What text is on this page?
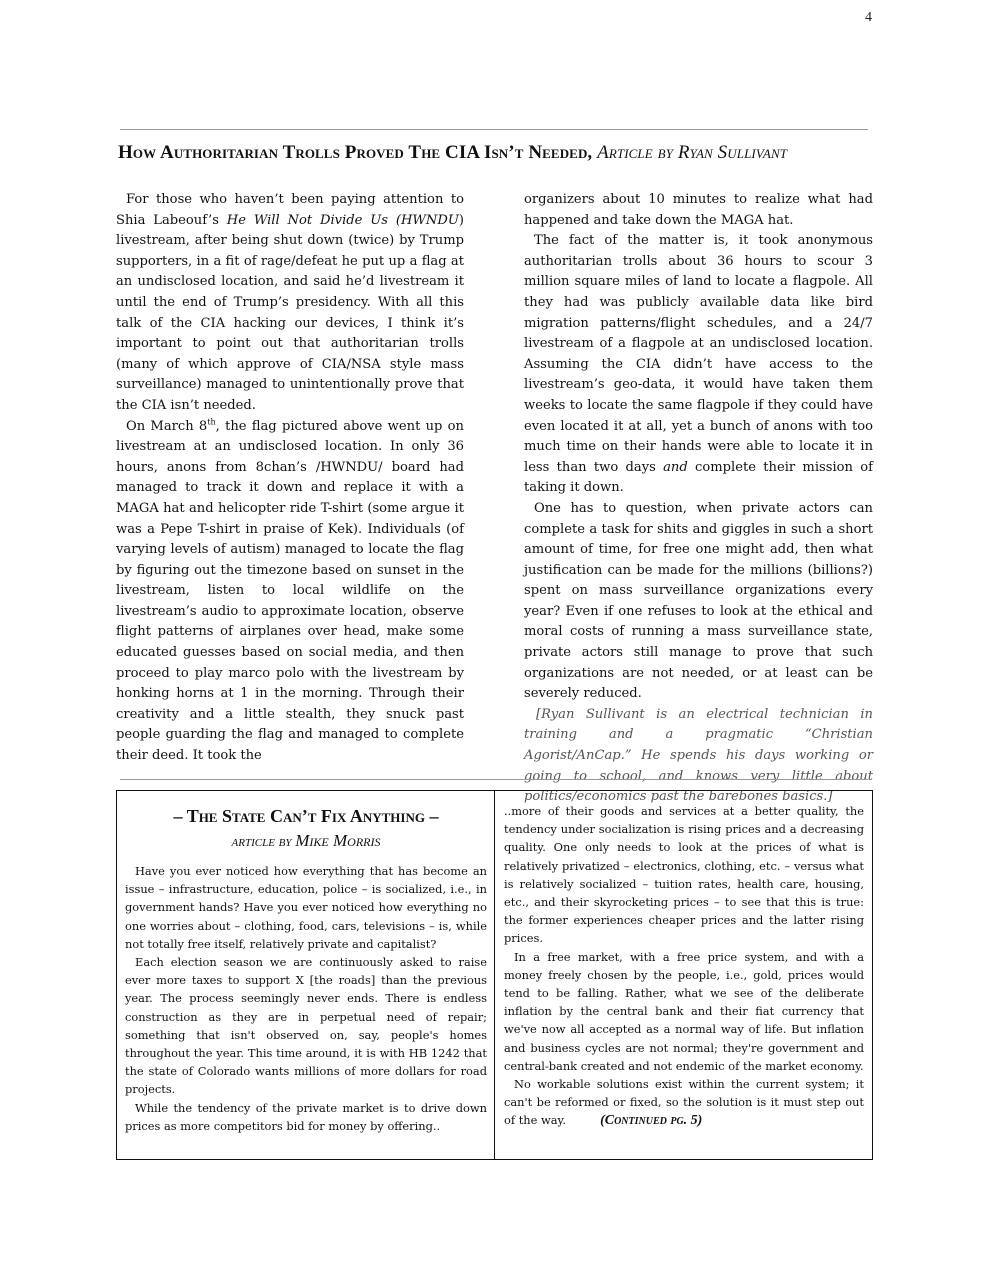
4
How Authoritarian Trolls Proved The CIA Isn’t Needed, Article by Ryan Sullivant

For those who haven’t been paying attention to Shia Labeouf’s He Will Not Divide Us (HWNDU) livestream, after being shut down (twice) by Trump supporters, in a fit of rage/defeat he put up a flag at an undisclosed location, and said he’d livestream it until the end of Trump’s presidency. With all this talk of the CIA hacking our devices, I think it’s important to point out that authoritarian trolls (many of which approve of CIA/NSA style mass surveillance) managed to unintentionally prove that the CIA isn’t needed.

On March 8th, the flag pictured above went up on livestream at an undisclosed location. In only 36 hours, anons from 8chan’s /HWNDU/ board had managed to track it down and replace it with a MAGA hat and helicopter ride T-shirt (some argue it was a Pepe T-shirt in praise of Kek). Individuals (of varying levels of autism) managed to locate the flag by figuring out the timezone based on sunset in the livestream, listen to local wildlife on the livestream’s audio to approximate location, observe flight patterns of airplanes over head, make some educated guesses based on social media, and then proceed to play marco polo with the livestream by honking horns at 1 in the morning. Through their creativity and a little stealth, they snuck past people guarding the flag and managed to complete their deed. It took the

organizers about 10 minutes to realize what had happened and take down the MAGA hat.

The fact of the matter is, it took anonymous authoritarian trolls about 36 hours to scour 3 million square miles of land to locate a flagpole. All they had was publicly available data like bird migration patterns/flight schedules, and a 24/7 livestream of a flagpole at an undisclosed location. Assuming the CIA didn’t have access to the livestream’s geo-data, it would have taken them weeks to locate the same flagpole if they could have even located it at all, yet a bunch of anons with too much time on their hands were able to locate it in less than two days and complete their mission of taking it down.

One has to question, when private actors can complete a task for shits and giggles in such a short amount of time, for free one might add, then what justification can be made for the millions (billions?) spent on mass surveillance organizations every year? Even if one refuses to look at the ethical and moral costs of running a mass surveillance state, private actors still manage to prove that such organizations are not needed, or at least can be severely reduced.

[Ryan Sullivant is an electrical technician in training and a pragmatic “Christian Agorist/AnCap.” He spends his days working or going to school, and knows very little about politics/economics past the barebones basics.]

– The State Can’t Fix Anything –
article by Mike Morris

Have you ever noticed how everything that has become an issue – infrastructure, education, police – is socialized, i.e., in government hands? Have you ever noticed how everything no one worries about – clothing, food, cars, televisions – is, while not totally free itself, relatively private and capitalist?

Each election season we are continuously asked to raise ever more taxes to support X [the roads] than the previous year. The process seemingly never ends. There is endless construction as they are in perpetual need of repair; something that isn't observed on, say, people's homes throughout the year. This time around, it is with HB 1242 that the state of Colorado wants millions of more dollars for road projects.

While the tendency of the private market is to drive down prices as more competitors bid for money by offering..

..more of their goods and services at a better quality, the tendency under socialization is rising prices and a decreasing quality. One only needs to look at the prices of what is relatively privatized – electronics, clothing, etc. – versus what is relatively socialized – tuition rates, health care, housing, etc., and their skyrocketing prices – to see that this is true: the former experiences cheaper prices and the latter rising prices.

In a free market, with a free price system, and with a money freely chosen by the people, i.e., gold, prices would tend to be falling. Rather, what we see of the deliberate inflation by the central bank and their fiat currency that we've now all accepted as a normal way of life. But inflation and business cycles are not normal; they're government and central-bank created and not endemic of the market economy.

No workable solutions exist within the current system; it can't be reformed or fixed, so the solution is it must step out of the way. (Continued pg. 5)
